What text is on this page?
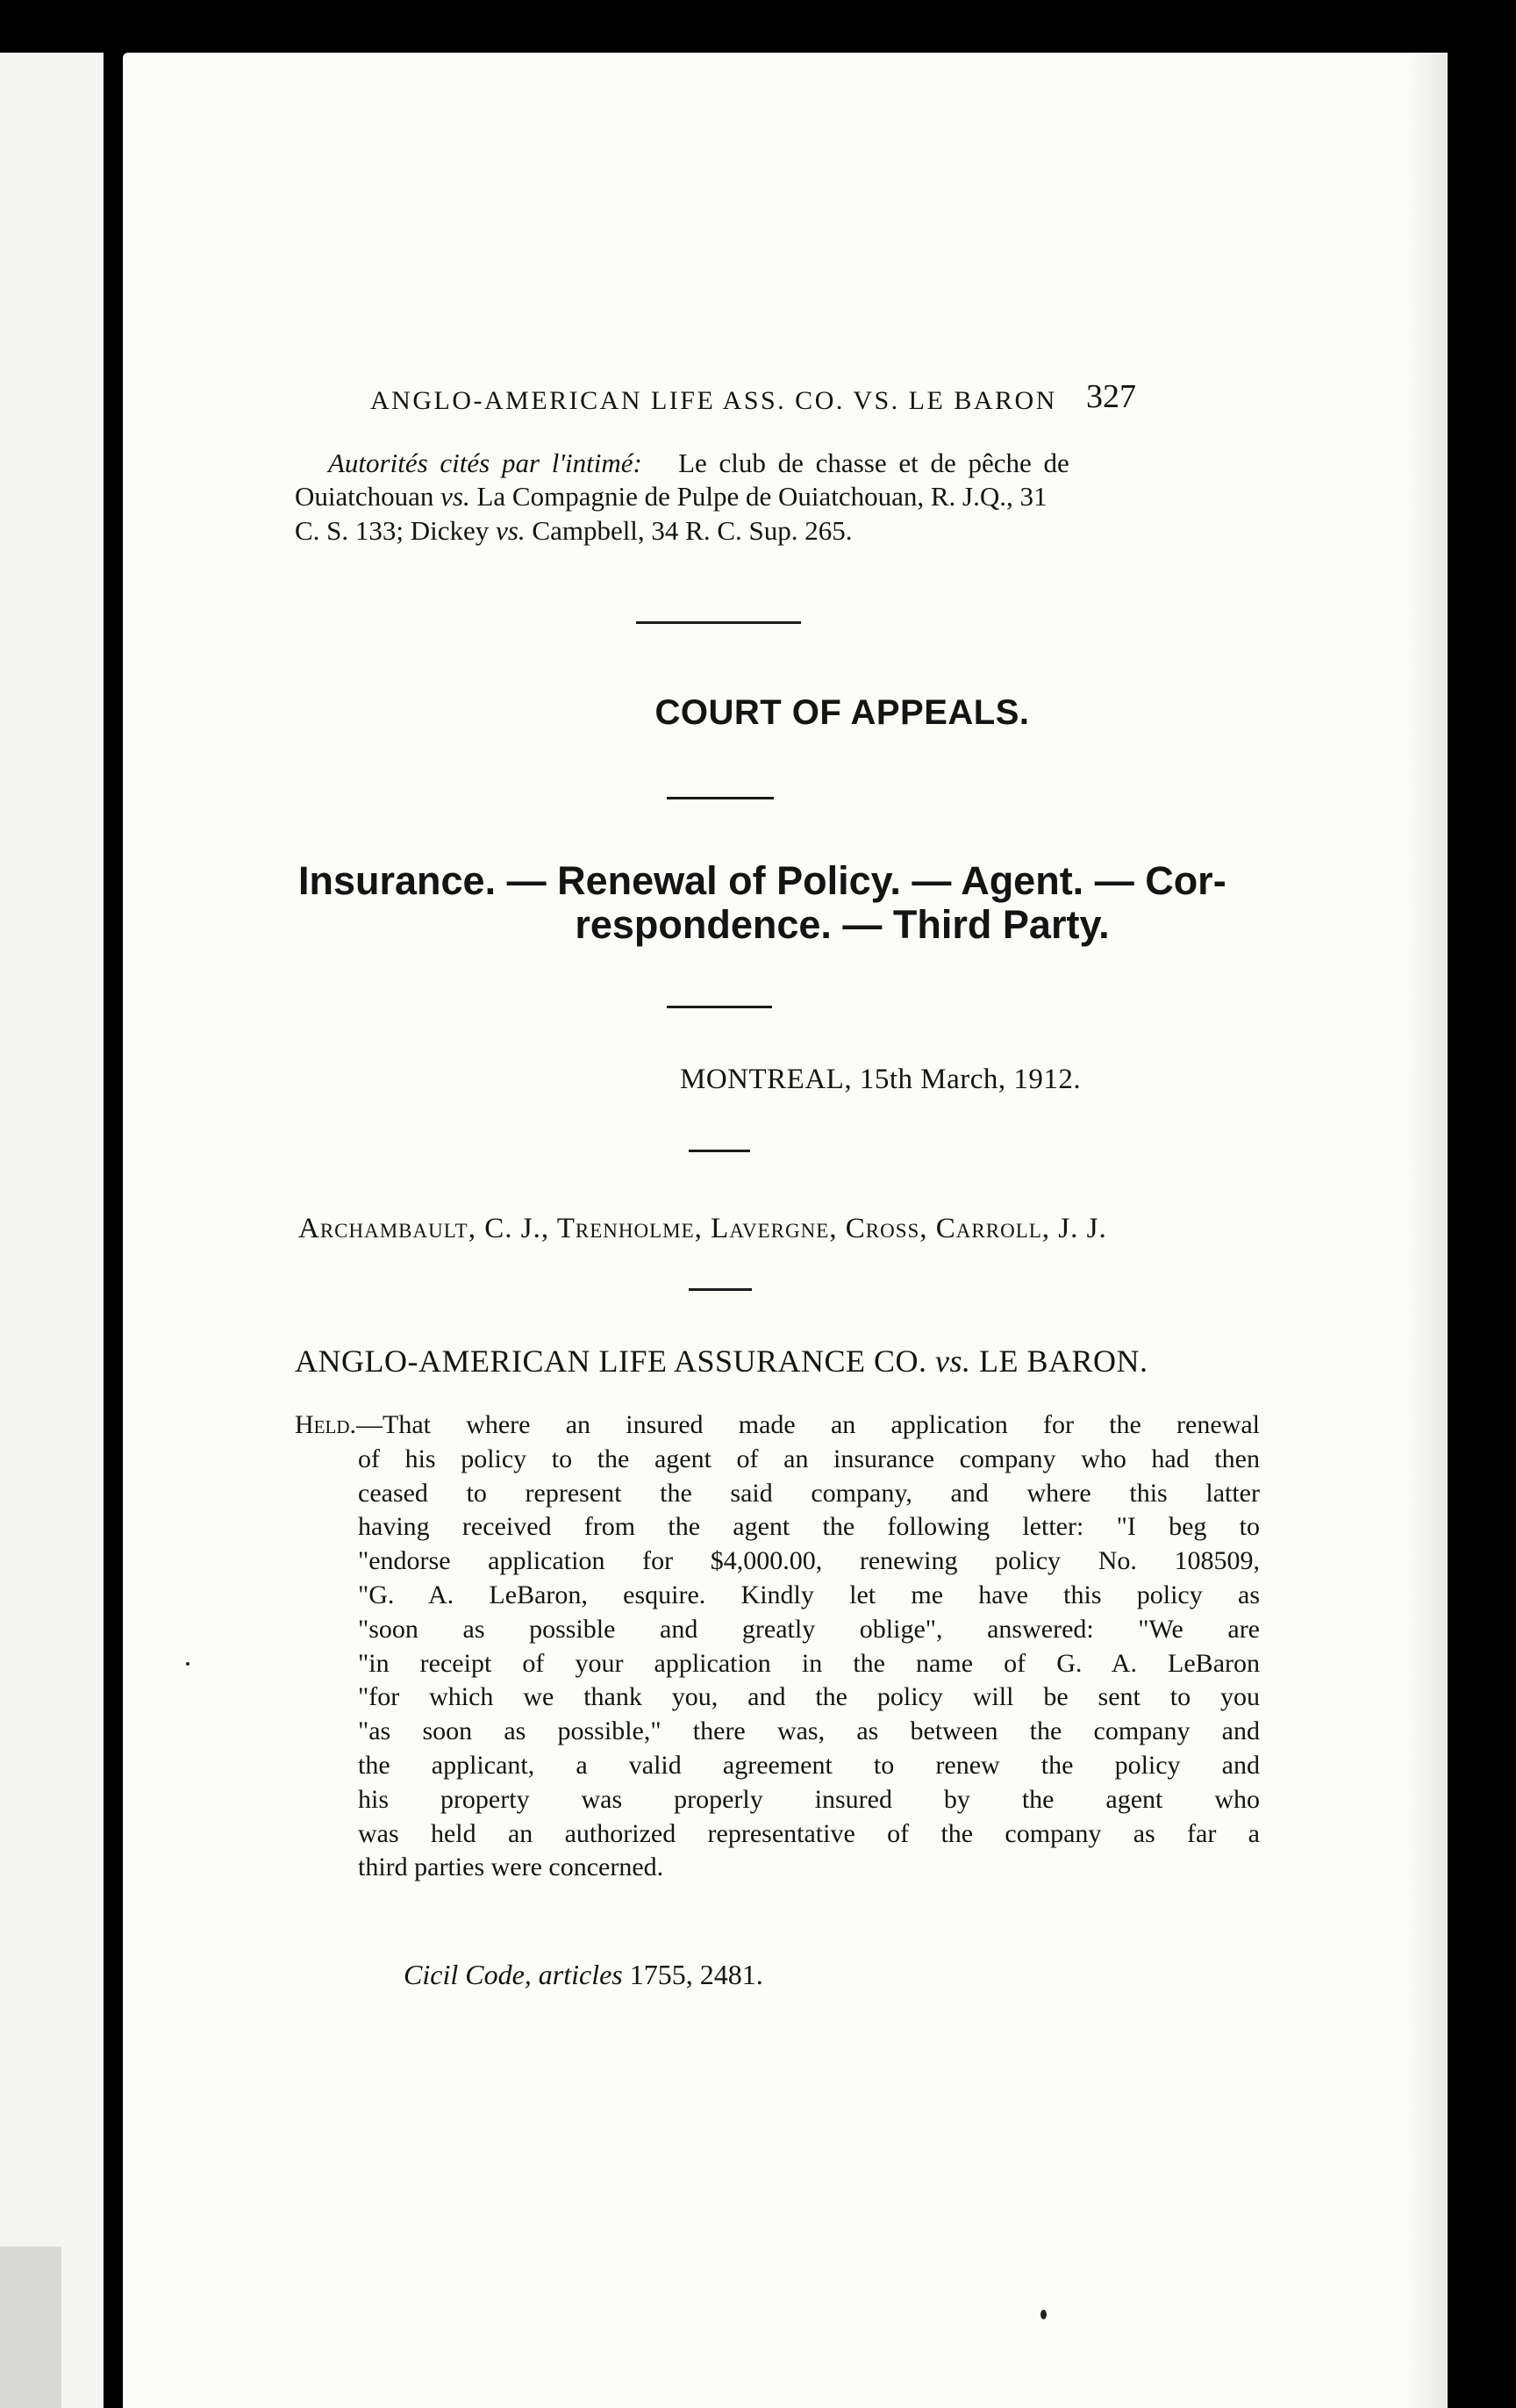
ANGLO-AMERICAN LIFE ASS. CO. VS. LE BARON 327
Autorités cités par l'intimé: Le club de chasse et de pêche de
Ouiatchouan vs. La Compagnie de Pulpe de Ouiatchouan, R. J.Q., 31
C. S. 133; Dickey vs. Campbell, 34 R. C. Sup. 265.
COURT OF APPEALS.
Insurance. — Renewal of Policy. — Agent. — Cor-
respondence. — Third Party.
MONTREAL, 15th March, 1912.
Archambault, C. J., Trenholme, Lavergne, Cross, Carroll, J. J.
ANGLO-AMERICAN LIFE ASSURANCE CO. vs. LE BARON.
Held.—That where an insured made an application for the renewal
of his policy to the agent of an insurance company who had then
ceased to represent the said company, and where this latter
having received from the agent the following letter: "I beg to
"endorse application for $4,000.00, renewing policy No. 108509,
"G. A. LeBaron, esquire. Kindly let me have this policy as
"soon as possible and greatly oblige", answered: "We are
"in receipt of your application in the name of G. A. LeBaron
"for which we thank you, and the policy will be sent to you
"as soon as possible," there was, as between the company and
the applicant, a valid agreement to renew the policy and
his property was properly insured by the agent who
was held an authorized representative of the company as far a
third parties were concerned.
Cicil Code, articles 1755, 2481.
